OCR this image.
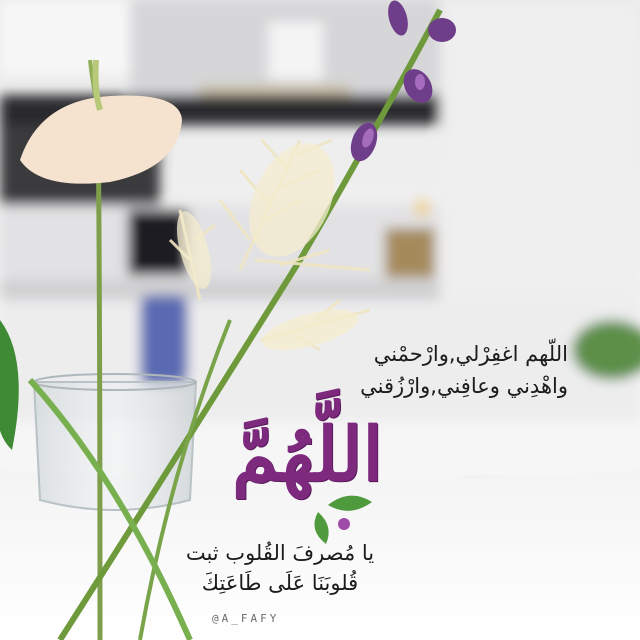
اللّهم اغفِرْلي,وارْحمْني
واهْدِني وعافِني,وارْزُقني
اللَّهُمَّ
يا مُصرفَ القُلوب ثبت
قُلوبَنَا عَلَى طَاعَتِكَ
@A_FAFY
